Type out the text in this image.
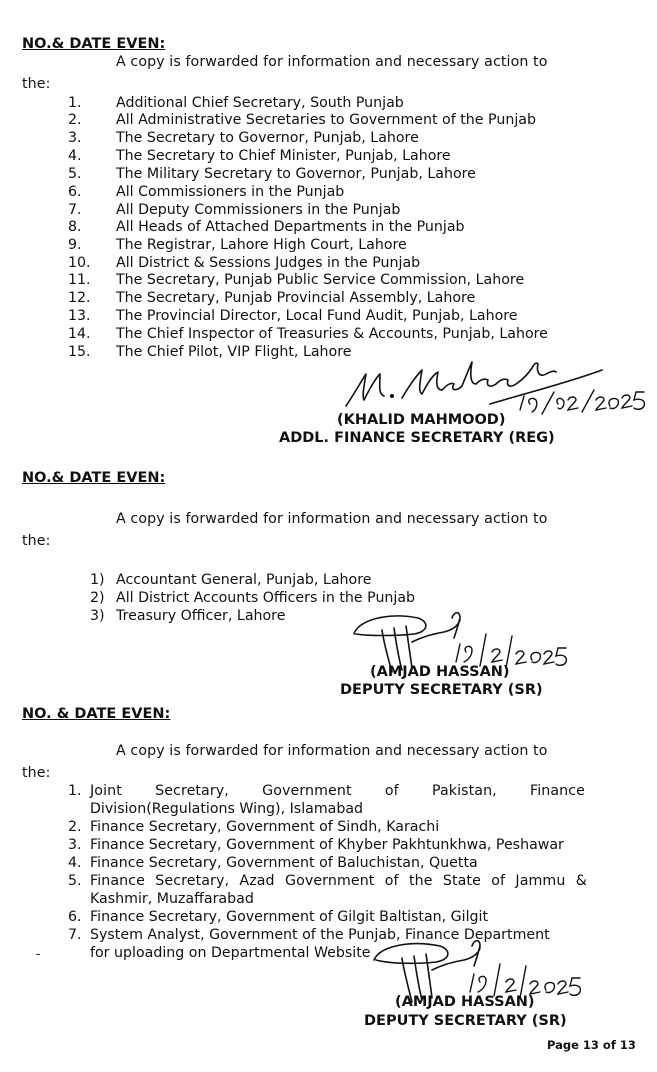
NO.& DATE EVEN:
A copy is forwarded for information and necessary action to
the:
1. Additional Chief Secretary, South Punjab
2. All Administrative Secretaries to Government of the Punjab
3. The Secretary to Governor, Punjab, Lahore
4. The Secretary to Chief Minister, Punjab, Lahore
5. The Military Secretary to Governor, Punjab, Lahore
6. All Commissioners in the Punjab
7. All Deputy Commissioners in the Punjab
8. All Heads of Attached Departments in the Punjab
9. The Registrar, Lahore High Court, Lahore
10. All District & Sessions Judges in the Punjab
11. The Secretary, Punjab Public Service Commission, Lahore
12. The Secretary, Punjab Provincial Assembly, Lahore
13. The Provincial Director, Local Fund Audit, Punjab, Lahore
14. The Chief Inspector of Treasuries & Accounts, Punjab, Lahore
15. The Chief Pilot, VIP Flight, Lahore
(KHALID MAHMOOD)
ADDL. FINANCE SECRETARY (REG)
NO.& DATE EVEN:
A copy is forwarded for information and necessary action to
the:
1) Accountant General, Punjab, Lahore
2) All District Accounts Officers in the Punjab
3) Treasury Officer, Lahore
(AMJAD HASSAN)
DEPUTY SECRETARY (SR)
NO. & DATE EVEN:
A copy is forwarded for information and necessary action to
the:
1. Joint Secretary, Government of Pakistan, Finance
Division(Regulations Wing), Islamabad
2. Finance Secretary, Government of Sindh, Karachi
3. Finance Secretary, Government of Khyber Pakhtunkhwa, Peshawar
4. Finance Secretary, Government of Baluchistan, Quetta
5. Finance Secretary, Azad Government of the State of Jammu &
Kashmir, Muzaffarabad
6. Finance Secretary, Government of Gilgit Baltistan, Gilgit
7. System Analyst, Government of the Punjab, Finance Department
for uploading on Departmental Website
(AMJAD HASSAN)
DEPUTY SECRETARY (SR)
Page 13 of 13
